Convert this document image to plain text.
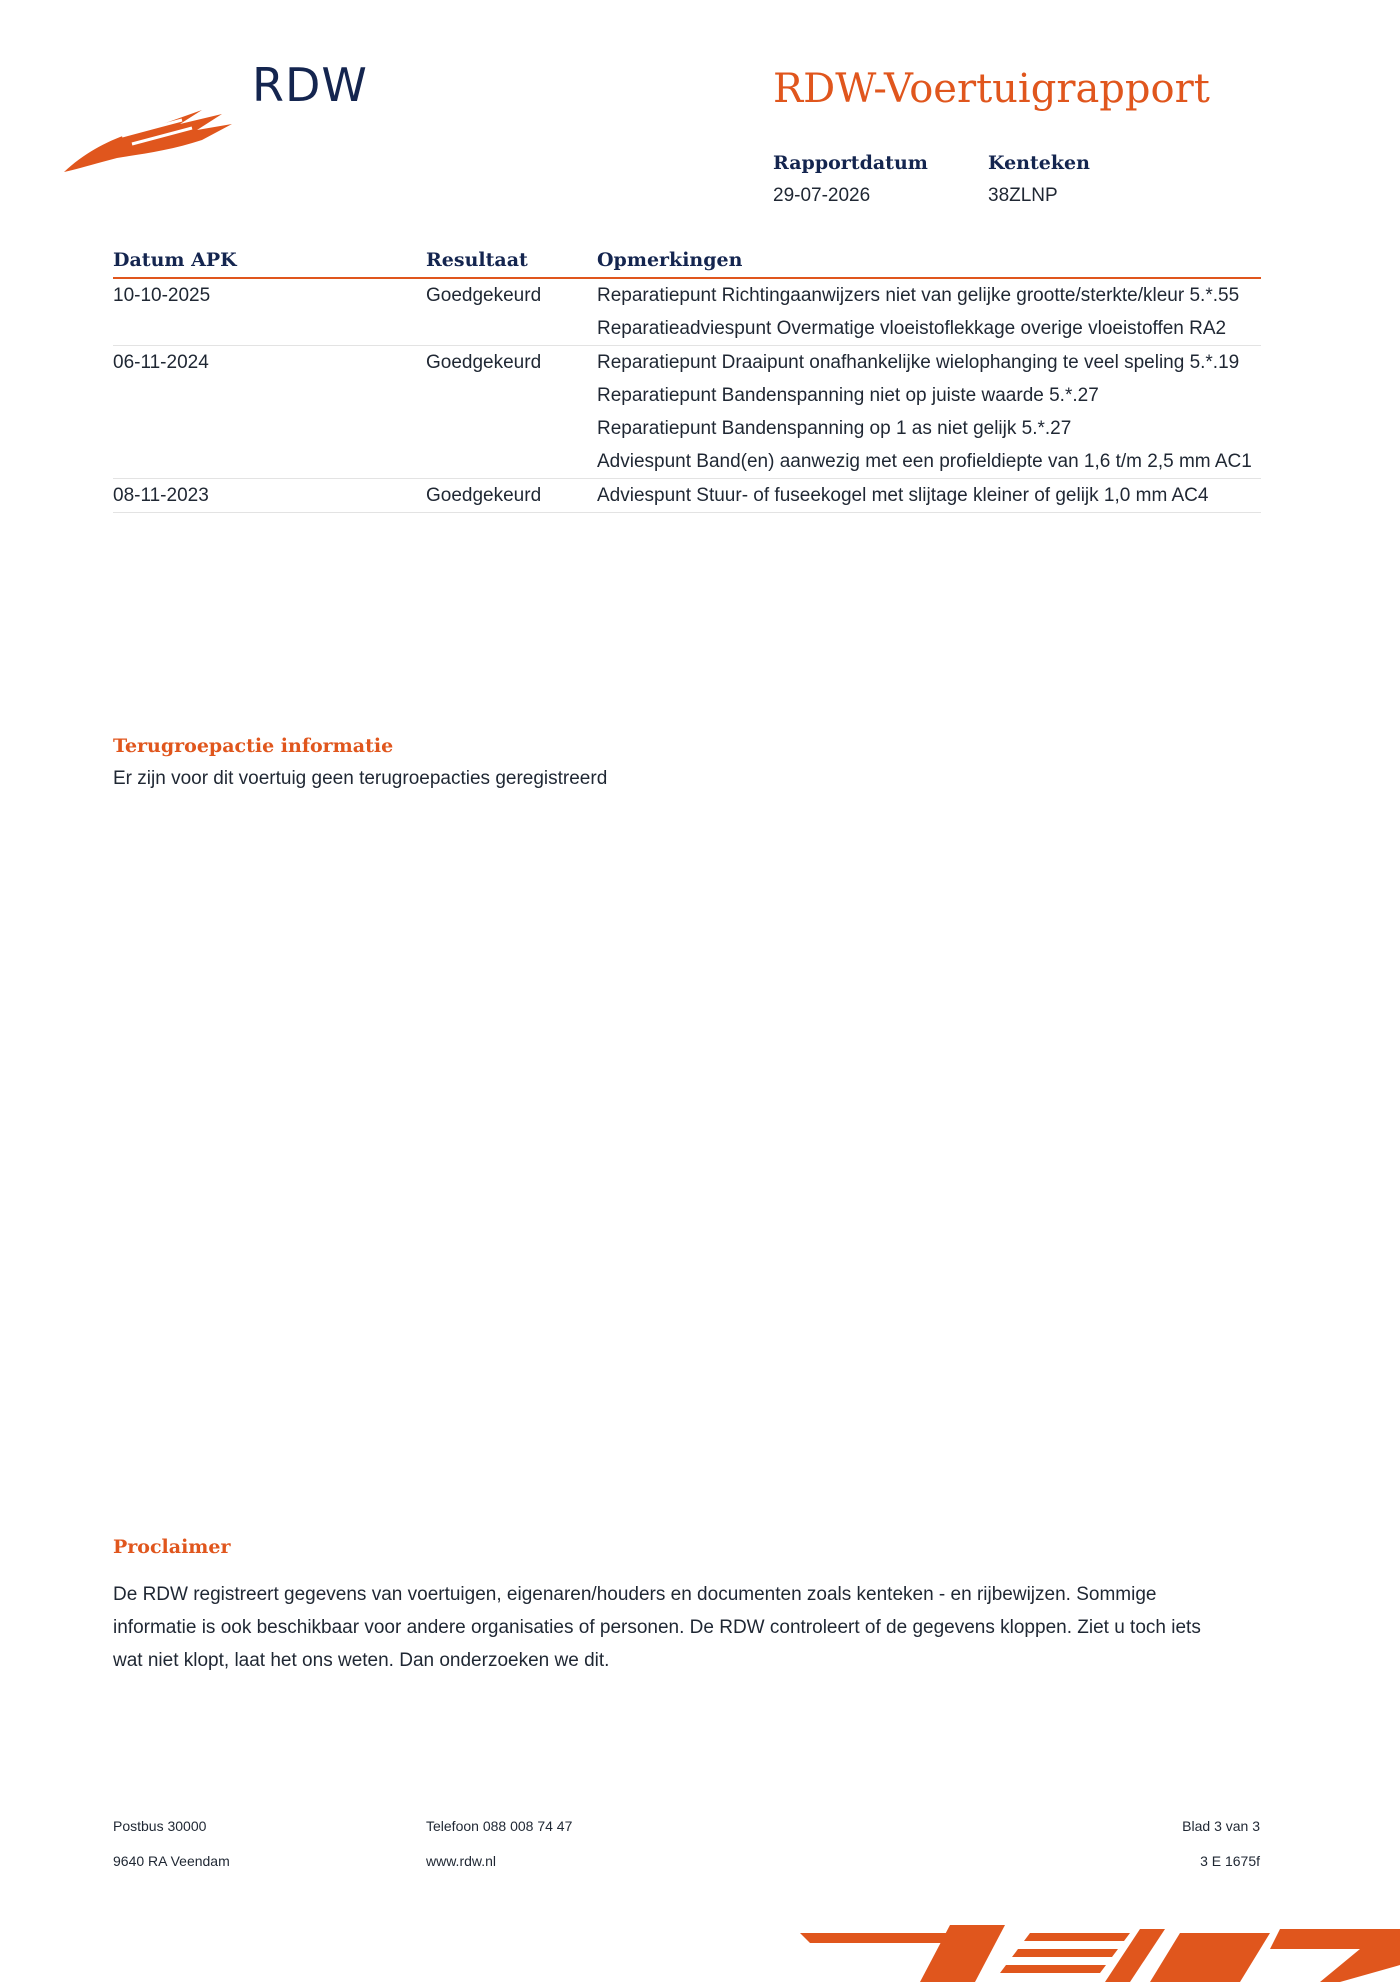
RDW	RDW-Voertuigrapport
Rapportdatum
29-07-2026
Kenteken
38ZLNP
Datum APK	Resultaat	Opmerkingen
10-10-2025	Goedgekeurd	Reparatiepunt Richtingaanwijzers niet van gelijke grootte/sterkte/kleur 5.*.55
Reparatieadviespunt Overmatige vloeistoflekkage overige vloeistoffen RA2

06-11-2024	Goedgekeurd	Reparatiepunt Draaipunt onafhankelijke wielophanging te veel speling 5.*.19
Reparatiepunt Bandenspanning niet op juiste waarde 5.*.27
Reparatiepunt Bandenspanning op 1 as niet gelijk 5.*.27
Adviespunt Band(en) aanwezig met een profieldiepte van 1,6 t/m 2,5 mm AC1

08-11-2023	Goedgekeurd	Adviespunt Stuur- of fuseekogel met slijtage kleiner of gelijk 1,0 mm AC4
Terugroepactie informatie
Er zijn voor dit voertuig geen terugroepacties geregistreerd
Proclaimer
De RDW registreert gegevens van voertuigen, eigenaren/houders en documenten zoals kenteken - en rijbewijzen. Sommige informatie is ook beschikbaar voor andere organisaties of personen. De RDW controleert of de gegevens kloppen. Ziet u toch iets wat niet klopt, laat het ons weten. Dan onderzoeken we dit.
Postbus 30000
9640 RA Veendam
Telefoon 088 008 74 47
www.rdw.nl
Blad 3 van 3
3 E 1675f
